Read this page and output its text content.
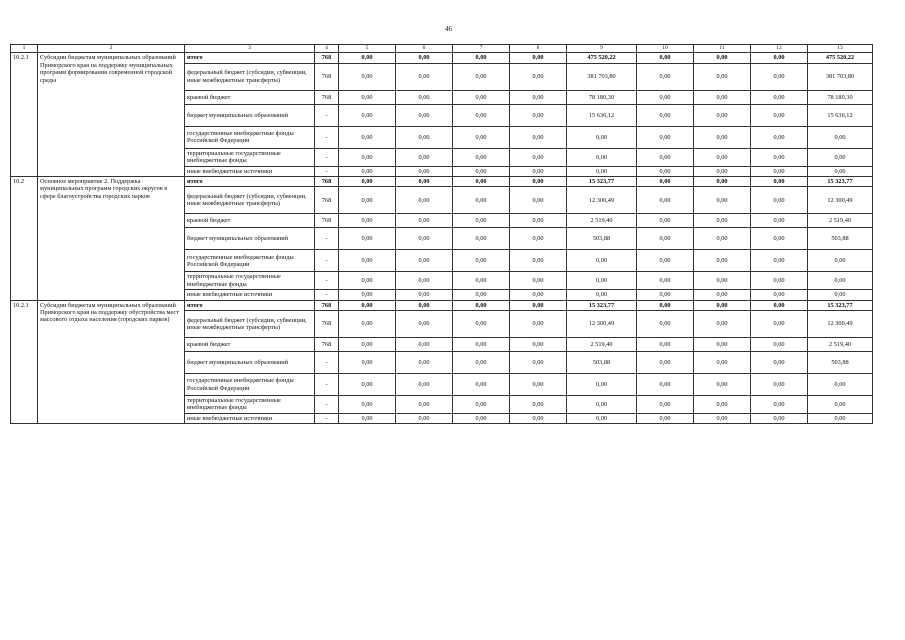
46
1	2	3	4	5	6	7	8	9	10	11	12	13
10.2.1	Субсидии бюджетам муниципальных образований Приморского края на поддержку муниципальных программ формирования современной городской среды	итого	768	0,00	0,00	0,00	0,00	475 520,22	0,00	0,00	0,00	475 520,22
		федеральный бюджет (субсидии, субвенции, иные межбюджетные трансферты)	768	0,00	0,00	0,00	0,00	381 703,80	0,00	0,00	0,00	381 703,80
		краевой бюджет	768	0,00	0,00	0,00	0,00	78 180,30	0,00	0,00	0,00	78 180,30
		бюджет муниципальных образований	-	0,00	0,00	0,00	0,00	15 636,12	0,00	0,00	0,00	15 636,12
		государственные внебюджетные фонды Российской Федерации	-	0,00	0,00	0,00	0,00	0,00	0,00	0,00	0,00	0,00
		территориальные государственные внебюджетные фонды	-	0,00	0,00	0,00	0,00	0,00	0,00	0,00	0,00	0,00
		иные внебюджетные источники	-	0,00	0,00	0,00	0,00	0,00	0,00	0,00	0,00	0,00
10.2	Основное мероприятие 2. Поддержка муниципальных программ городских округов в сфере благоустройства городских парков	итого	768	0,00	0,00	0,00	0,00	15 323,77	0,00	0,00	0,00	15 323,77
		федеральный бюджет (субсидии, субвенции, иные межбюджетные трансферты)	768	0,00	0,00	0,00	0,00	12 300,49	0,00	0,00	0,00	12 300,49
		краевой бюджет	768	0,00	0,00	0,00	0,00	2 519,40	0,00	0,00	0,00	2 519,40
		бюджет муниципальных образований	-	0,00	0,00	0,00	0,00	503,88	0,00	0,00	0,00	503,88
		государственные внебюджетные фонды Российской Федерации	-	0,00	0,00	0,00	0,00	0,00	0,00	0,00	0,00	0,00
		территориальные государственные внебюджетные фонды	-	0,00	0,00	0,00	0,00	0,00	0,00	0,00	0,00	0,00
		иные внебюджетные источники	-	0,00	0,00	0,00	0,00	0,00	0,00	0,00	0,00	0,00
10.2.1	Субсидии бюджетам муниципальных образований Приморского края на поддержку обустройства мест массового отдыха населения (городских парков)	итого	768	0,00	0,00	0,00	0,00	15 323,77	0,00	0,00	0,00	15 323,77
		федеральный бюджет (субсидии, субвенции, иные межбюджетные трансферты)	768	0,00	0,00	0,00	0,00	12 300,49	0,00	0,00	0,00	12 300,49
		краевой бюджет	768	0,00	0,00	0,00	0,00	2 519,40	0,00	0,00	0,00	2 519,40
		бюджет муниципальных образований	-	0,00	0,00	0,00	0,00	503,88	0,00	0,00	0,00	503,88
		государственные внебюджетные фонды Российской Федерации	-	0,00	0,00	0,00	0,00	0,00	0,00	0,00	0,00	0,00
		территориальные государственные внебюджетные фонды	-	0,00	0,00	0,00	0,00	0,00	0,00	0,00	0,00	0,00
		иные внебюджетные источники	-	0,00	0,00	0,00	0,00	0,00	0,00	0,00	0,00	0,00
